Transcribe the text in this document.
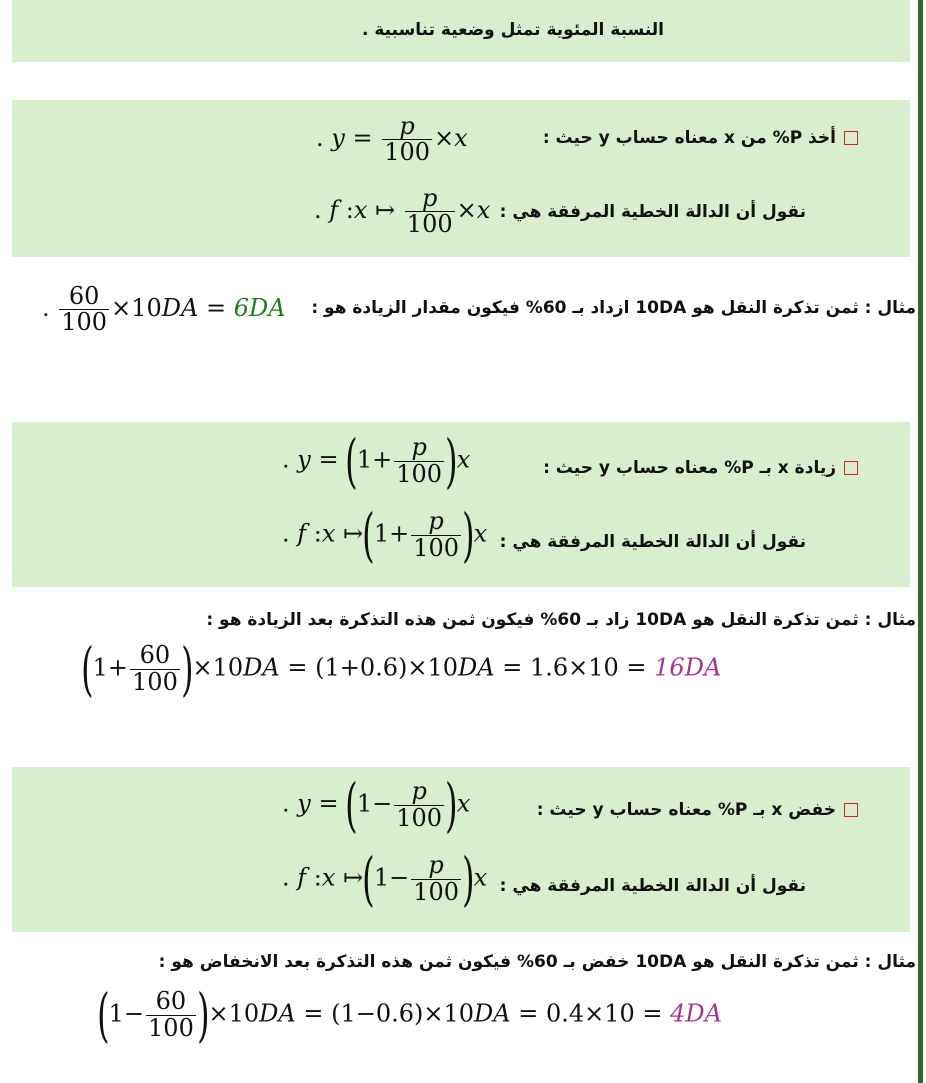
النسبة المئوية تمثل وضعية تناسبية .
أخذ P% من x معناه حساب y حيث :
. $y = \frac{p}{100} \times x$
نقول أن الدالة الخطية المرفقة هي :
. f :x ↦ $\frac{p}{100} \times x$
مثال : ثمن تذكرة النقل هو 10DA ازداد بـ 60% فيكون مقدار الزيادة هو :
. $\frac{60}{100} \times 10DA = 6DA$
زيادة x بـ P% معناه حساب y حيث :
. $y = (1+ \frac{p}{100} )x$
نقول أن الدالة الخطية المرفقة هي :
. f :x ↦(1+ $\frac{p}{100} )x$
مثال : ثمن تذكرة النقل هو 10DA زاد بـ 60% فيكون ثمن هذه التذكرة بعد الزيادة هو :
$(1+ \frac{60}{100} )\times 10DA = (1+0.6)\times 10DA = 1.6\times 10 = 16DA$
خفض x بـ P% معناه حساب y حيث :
. $y = (1- \frac{p}{100} )x$
نقول أن الدالة الخطية المرفقة هي :
. f :x ↦(1− $\frac{p}{100} )x$
مثال : ثمن تذكرة النقل هو 10DA خفض بـ 60% فيكون ثمن هذه التذكرة بعد الانخفاض هو :
$(1- \frac{60}{100} )\times 10DA = (1-0.6)\times 10DA = 0.4\times 10 = 4DA$
